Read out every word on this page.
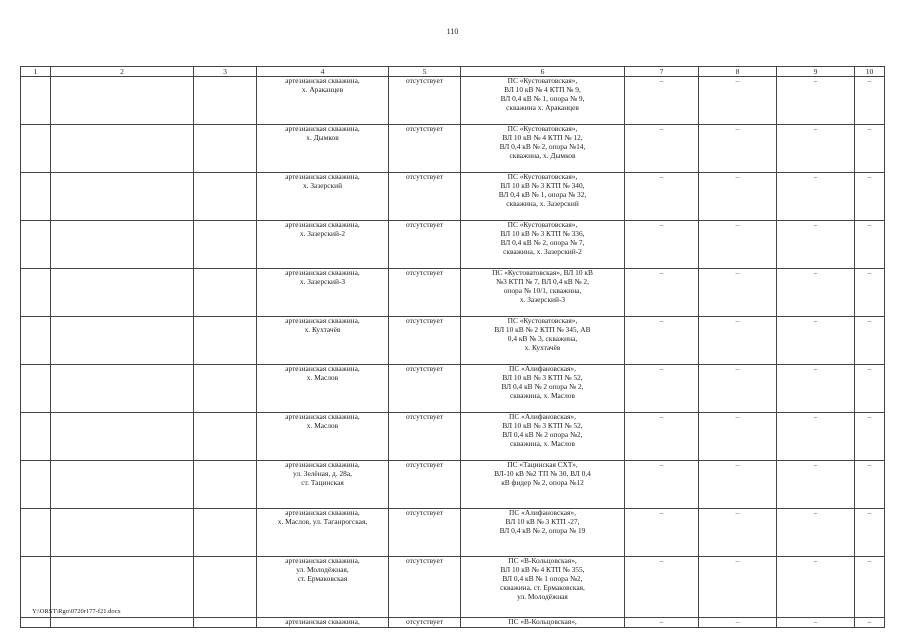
110
1	2	3	4	5	6	7	8	9	10
			артезианская скважина,
х. Араканцев	отсутствует	ПС «Кустоватовская»,
ВЛ 10 кВ № 4 КТП № 9,
ВЛ 0,4 кВ № 1, опора № 9,
скважина х. Араканцев	–	–	–	–
			артезианская скважина,
х. Дымков	отсутствует	ПС «Кустоватовская»,
ВЛ 10 кВ № 4 КТП № 12,
ВЛ 0,4 кВ № 2, опора №14,
скважина, х. Дымков	–	–	–	–
			артезианская скважина,
х. Зазерский	отсутствует	ПС «Кустоватовская»,
ВЛ 10 кВ № 3 КТП № 340,
ВЛ 0,4 кВ № 1, опора № 32,
скважина, х. Зазерский	–	–	–	–
			артезианская скважина,
х. Зазерский-2	отсутствует	ПС «Кустоватовская»,
ВЛ 10 кВ № 3 КТП № 336,
ВЛ 0,4 кВ № 2, опора № 7,
скважина, х. Зазерский-2	–	–	–	–
			артезианская скважина,
х. Зазерский-3	отсутствует	ПС «Кустоватовская», ВЛ 10 кВ
№3 КТП № 7, ВЛ 0,4 кВ № 2,
опора № 10/1, скважина,
х. Зазерский-3	–	–	–	–
			артезианская скважина,
х. Кухтачёв	отсутствует	ПС «Кустоватовская»,
ВЛ 10 кВ № 2 КТП № 345, АВ
0,4 кВ № 3, скважина,
х. Кухтачёв	–	–	–	–
			артезианская скважина,
х. Маслов	отсутствует	ПС «Алифановская»,
ВЛ 10 кВ № 3 КТП № 52,
ВЛ 0,4 кВ № 2 опора № 2,
скважина, х. Маслов	–	–	–	–
			артезианская скважина,
х. Маслов	отсутствует	ПС «Алифановская»,
ВЛ 10 кВ № 3 КТП № 52,
ВЛ 0,4 кВ № 2 опора №2,
скважина, х. Маслов	–	–	–	–
			артезианская скважина,
ул. Зелёная, д. 28а,
ст. Тацинская	отсутствует	ПС «Тацинская СХТ»,
ВЛ-10 кВ №2 ТП № 30, ВЛ 0,4
кВ фидер № 2, опора №12	–	–	–	–
			артезианская скважина,
х. Маслов, ул. Таганрогская,	отсутствует	ПС «Алифановская»,
ВЛ 10 кВ № 3 КТП -27,
ВЛ 0,4 кВ № 2, опора № 19	–	–	–	–
			артезианская скважина,
ул. Молодёжная,
ст. Ермаковская	отсутствует	ПС «В-Кольцовская»,
ВЛ 10 кВ № 4 КТП № 355,
ВЛ 0,4 кВ № 1 опора №2,
скважина, ст. Ермаковская,
ул. Молодёжная	–	–	–	–
			артезианская скважина,	отсутствует	ПС «В-Кольцовская»,	–	–	–	–
Y:\ORST\Rgo\0720r177-f21.docx
